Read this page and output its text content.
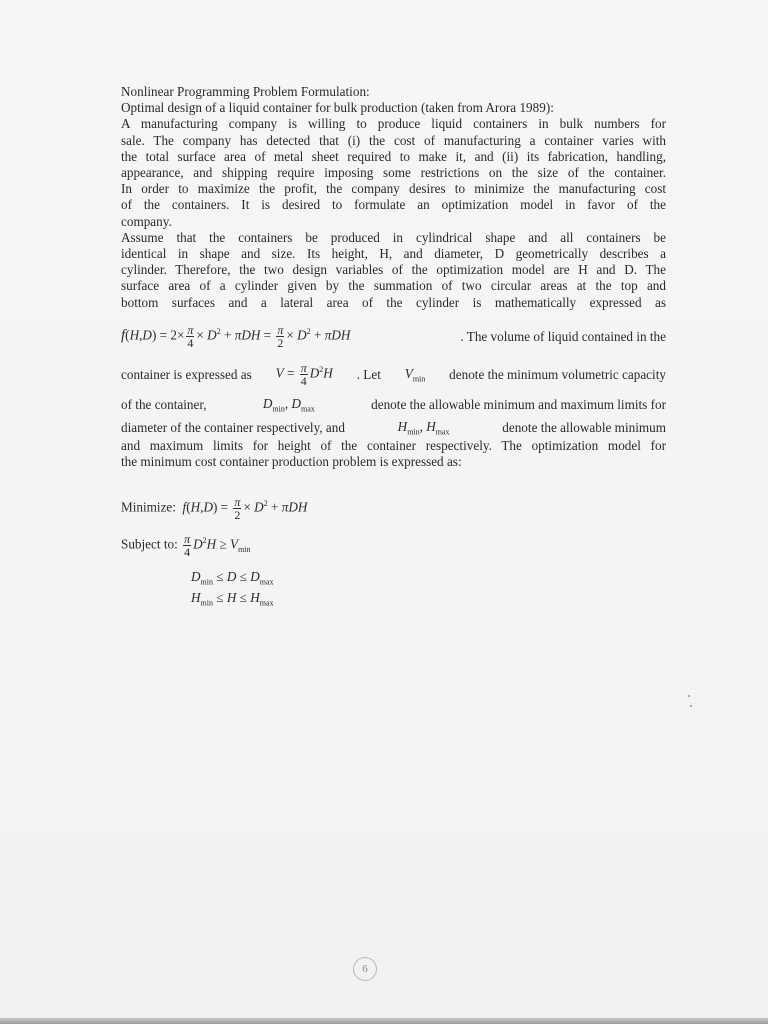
Nonlinear Programming Problem Formulation:
Optimal design of a liquid container for bulk production (taken from Arora 1989):
A manufacturing company is willing to produce liquid containers in bulk numbers for
sale. The company has detected that (i) the cost of manufacturing a container varies with
the total surface area of metal sheet required to make it, and (ii) its fabrication, handling,
appearance, and shipping require imposing some restrictions on the size of the container.
In order to maximize the profit, the company desires to minimize the manufacturing cost
of the containers. It is desired to formulate an optimization model in favor of the
company.
Assume that the containers be produced in cylindrical shape and all containers be
identical in shape and size. Its height, H, and diameter, D geometrically describes a
cylinder. Therefore, the two design variables of the optimization model are H and D. The
surface area of a cylinder given by the summation of two circular areas at the top and
bottom surfaces and a lateral area of the cylinder is mathematically expressed as
$f(H,D) = 2\times \frac{\pi}{4} \times D^2 + \pi DH = \frac{\pi}{2} \times D^2 + \pi DH$	. The volume of liquid contained in the
container is expressed as $V = \frac{\pi}{4} D^2H$ . Let $V_{min}$ denote the minimum volumetric capacity
of the container,	$D_{min}$, $D_{max}$	denote the allowable minimum and maximum limits for
diameter of the container respectively, and	$H_{min}$, $H_{max}$	denote the allowable minimum
and maximum limits for height of the container respectively. The optimization model for
the minimum cost container production problem is expressed as:
Minimize: $f(H,D) = \frac{\pi}{2} \times D^2 + \pi DH$
Subject to: $\frac{\pi}{4} D^2H \ge V_{min}$
$D_{min} \le D \le D_{max}$
$H_{min} \le H \le H_{max}$
6
